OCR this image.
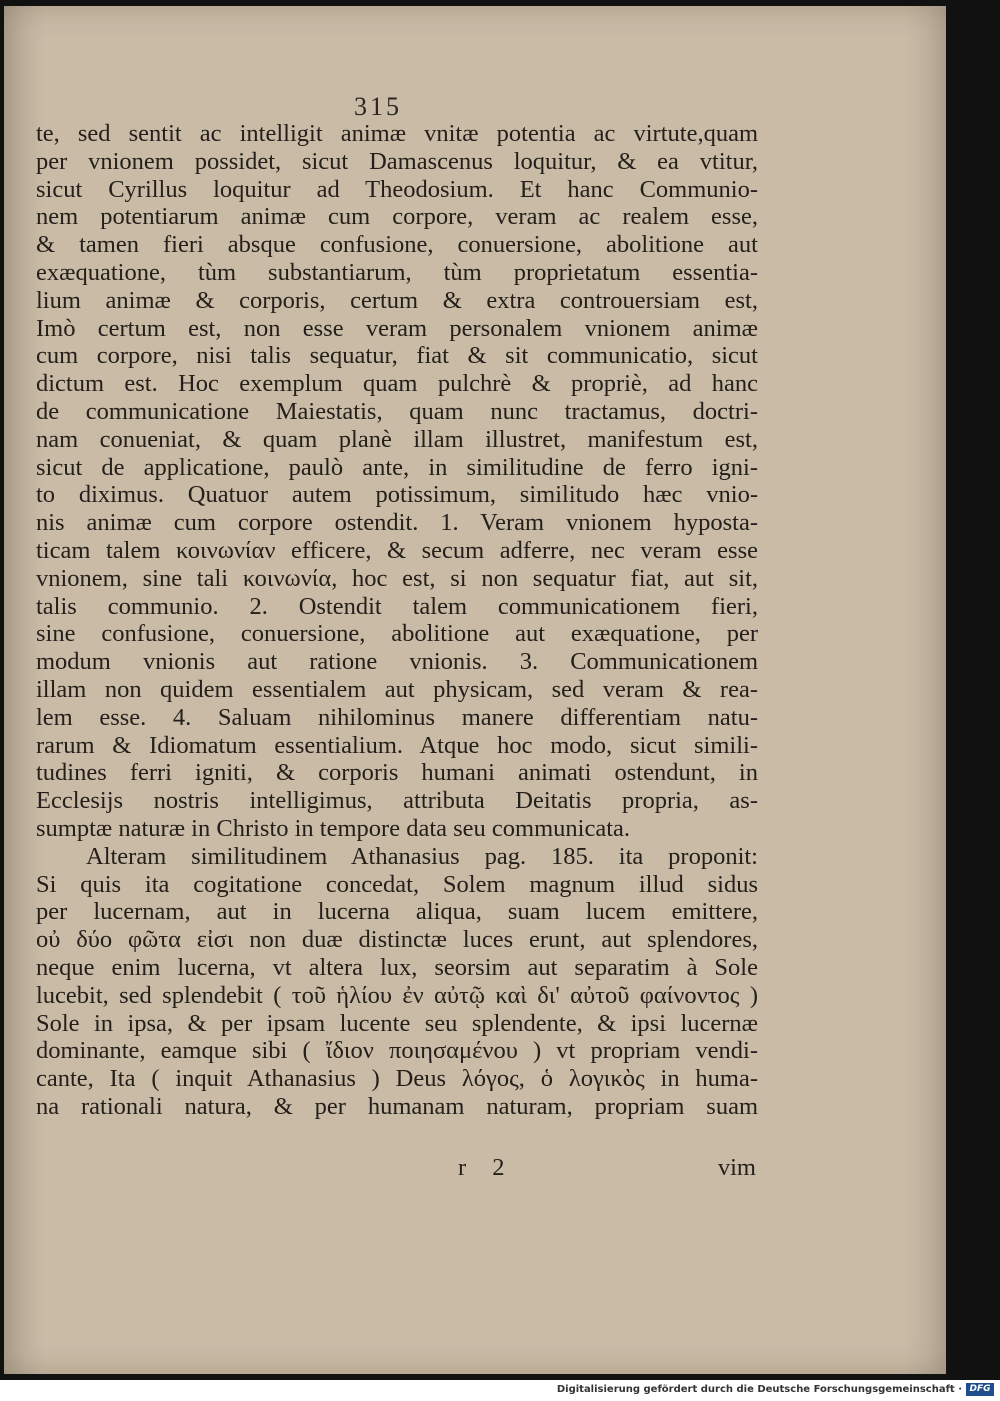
315
te, sed sentit ac intelligit animæ vnitæ potentia ac virtute,quam
per vnionem possidet, sicut Damascenus loquitur, & ea vtitur,
sicut Cyrillus loquitur ad Theodosium. Et hanc Communio-
nem potentiarum animæ cum corpore, veram ac realem esse,
& tamen fieri absque confusione, conuersione, abolitione aut
exæquatione, tùm substantiarum, tùm proprietatum essentia-
lium animæ & corporis, certum & extra controuersiam est,
Imò certum est, non esse veram personalem vnionem animæ
cum corpore, nisi talis sequatur, fiat & sit communicatio, sicut
dictum est. Hoc exemplum quam pulchrè & propriè, ad hanc
de communicatione Maiestatis, quam nunc tractamus, doctri-
nam conueniat, & quam planè illam illustret, manifestum est,
sicut de applicatione, paulò ante, in similitudine de ferro igni-
to diximus. Quatuor autem potissimum, similitudo hæc vnio-
nis animæ cum corpore ostendit. 1. Veram vnionem hyposta-
ticam talem κοινωνίαν efficere, & secum adferre, nec veram esse
vnionem, sine tali κοινωνία, hoc est, si non sequatur fiat, aut sit,
talis communio. 2. Ostendit talem communicationem fieri,
sine confusione, conuersione, abolitione aut exæquatione, per
modum vnionis aut ratione vnionis. 3. Communicationem
illam non quidem essentialem aut physicam, sed veram & rea-
lem esse. 4. Saluam nihilominus manere differentiam natu-
rarum & Idiomatum essentialium. Atque hoc modo, sicut simili-
tudines ferri igniti, & corporis humani animati ostendunt, in
Ecclesijs nostris intelligimus, attributa Deitatis propria, as-
sumptæ naturæ in Christo in tempore data seu communicata.
Alteram similitudinem Athanasius pag. 185. ita proponit:
Si quis ita cogitatione concedat, Solem magnum illud sidus
per lucernam, aut in lucerna aliqua, suam lucem emittere,
οὐ δύο φῶτα εἰσι non duæ distinctæ luces erunt, aut splendores,
neque enim lucerna, vt altera lux, seorsim aut separatim à Sole
lucebit, sed splendebit ( τοῦ ἡλίου ἐν αὐτῷ καὶ δι' αὐτοῦ φαίνοντος )
Sole in ipsa, & per ipsam lucente seu splendente, & ipsi lucernæ
dominante, eamque sibi ( ἴδιον ποιησαμένου ) vt propriam vendi-
cante, Ita ( inquit Athanasius ) Deus λόγος, ὁ λογικὸς in huma-
na rationali natura, & per humanam naturam, propriam suam
r 2	vim
Digitalisierung gefördert durch die Deutsche Forschungsgemeinschaft · DFG
